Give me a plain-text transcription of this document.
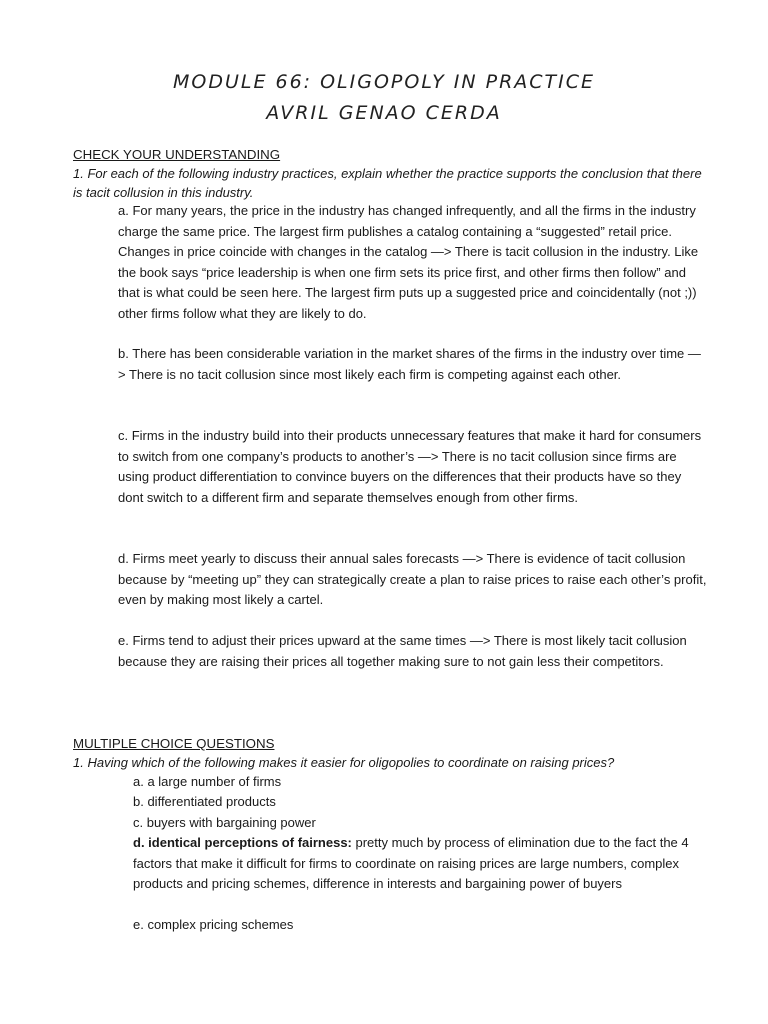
MODULE 66: OLIGOPOLY IN PRACTICE
AVRIL GENAO CERDA
CHECK YOUR UNDERSTANDING
1. For each of the following industry practices, explain whether the practice supports the conclusion that there is tacit collusion in this industry.
a. For many years, the price in the industry has changed infrequently, and all the firms in the industry charge the same price. The largest firm publishes a catalog containing a “suggested” retail price. Changes in price coincide with changes in the catalog —> There is tacit collusion in the industry. Like the book says “price leadership is when one firm sets its price first, and other firms then follow” and that is what could be seen here. The largest firm puts up a suggested price and coincidentally (not ;)) other firms follow what they are likely to do.
b. There has been considerable variation in the market shares of the firms in the industry over time —> There is no tacit collusion since most likely each firm is competing against each other.
c. Firms in the industry build into their products unnecessary features that make it hard for consumers to switch from one company’s products to another’s —> There is no tacit collusion since firms are using product differentiation to convince buyers on the differences that their products have so they dont switch to a different firm and separate themselves enough from other firms.
d. Firms meet yearly to discuss their annual sales forecasts —> There is evidence of tacit collusion because by “meeting up” they can strategically create a plan to raise prices to raise each other’s profit, even by making most likely a cartel.
e. Firms tend to adjust their prices upward at the same times —> There is most likely tacit collusion because they are raising their prices all together making sure to not gain less their competitors.
MULTIPLE CHOICE QUESTIONS
1. Having which of the following makes it easier for oligopolies to coordinate on raising prices?
a. a large number of firms
b. differentiated products
c. buyers with bargaining power
d. identical perceptions of fairness: pretty much by process of elimination due to the fact the 4 factors that make it difficult for firms to coordinate on raising prices are large numbers, complex products and pricing schemes, difference in interests and bargaining power of buyers
e. complex pricing schemes
